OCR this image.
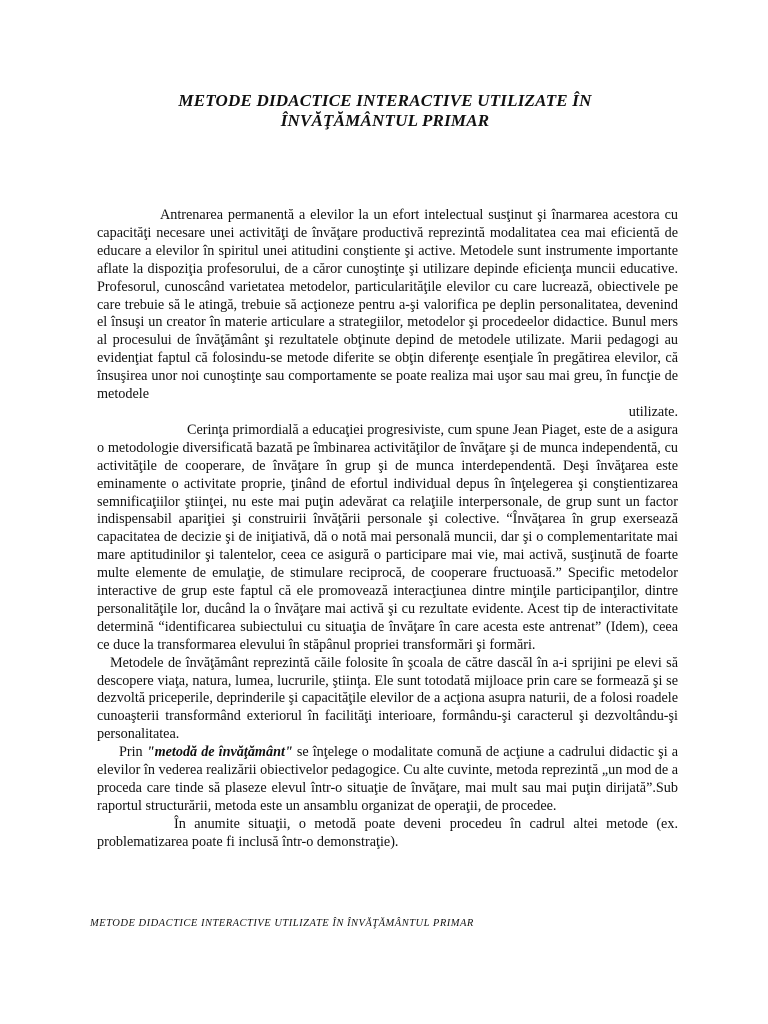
METODE DIDACTICE INTERACTIVE UTILIZATE ÎN
ÎNVĂŢĂMÂNTUL PRIMAR

Antrenarea permanentă a elevilor la un efort intelectual susţinut şi înarmarea acestora cu capacităţi necesare unei activităţi de învăţare productivă reprezintă modalitatea cea mai eficientă de educare a elevilor în spiritul unei atitudini conştiente şi active. Metodele sunt instrumente importante aflate la dispoziţia profesorului, de a căror cunoştinţe şi utilizare depinde eficienţa muncii educative. Profesorul, cunoscând varietatea metodelor, particularităţile elevilor cu care lucrează, obiectivele pe care trebuie să le atingă, trebuie să acţioneze pentru a-şi valorifica pe deplin personalitatea, devenind el însuşi un creator în materie articulare a strategiilor, metodelor şi procedeelor didactice. Bunul mers al procesului de învăţământ şi rezultatele obţinute depind de metodele utilizate. Marii pedagogi au evidenţiat faptul că folosindu-se metode diferite se obţin diferenţe esenţiale în pregătirea elevilor, că însuşirea unor noi cunoştinţe sau comportamente se poate realiza mai uşor sau mai greu, în funcţie de metodele

utilizate.

Cerinţa primordială a educaţiei progresiviste, cum spune Jean Piaget, este de a asigura o metodologie diversificată bazată pe îmbinarea activităţilor de învăţare şi de munca independentă, cu activităţile de cooperare, de învăţare în grup şi de munca interdependentă. Deşi învăţarea este eminamente o activitate proprie, ţinând de efortul individual depus în înţelegerea şi conştientizarea semnificaţiilor ştiinţei, nu este mai puţin adevărat ca relaţiile interpersonale, de grup sunt un factor indispensabil apariţiei şi construirii învăţării personale şi colective. “Învăţarea în grup exersează capacitatea de decizie şi de iniţiativă, dă o notă mai personală muncii, dar şi o complementaritate mai mare aptitudinilor şi talentelor, ceea ce asigură o participare mai vie, mai activă, susţinută de foarte multe elemente de emulaţie, de stimulare reciprocă, de cooperare fructuoasă.” Specific metodelor interactive de grup este faptul că ele promovează interacţiunea dintre minţile participanţilor, dintre personalităţile lor, ducând la o învăţare mai activă şi cu rezultate evidente. Acest tip de interactivitate determină “identificarea subiectului cu situaţia de învăţare în care acesta este antrenat” (Idem), ceea ce duce la transformarea elevului în stăpânul propriei transformări şi formări.

Metodele de învăţământ reprezintă căile folosite în şcoala de către dascăl în a-i sprijini pe elevi să descopere viaţa, natura, lumea, lucrurile, ştiinţa. Ele sunt totodată mijloace prin care se formează şi se dezvoltă priceperile, deprinderile şi capacităţile elevilor de a acţiona asupra naturii, de a folosi roadele cunoaşterii transformând exteriorul în facilităţi interioare, formându-şi caracterul şi dezvoltându-şi personalitatea.

Prin "metodă de învăţământ" se înţelege o modalitate comună de acţiune a cadrului didactic şi a elevilor în vederea realizării obiectivelor pedagogice. Cu alte cuvinte, metoda reprezintă „un mod de a proceda care tinde să plaseze elevul într-o situaţie de învăţare, mai mult sau mai puţin dirijată”.Sub raportul structurării, metoda este un ansamblu organizat de operaţii, de procedee.

În anumite situaţii, o metodă poate deveni procedeu în cadrul altei metode (ex. problematizarea poate fi inclusă într-o demonstraţie).

METODE DIDACTICE INTERACTIVE UTILIZATE ÎN ÎNVĂŢĂMÂNTUL PRIMAR
